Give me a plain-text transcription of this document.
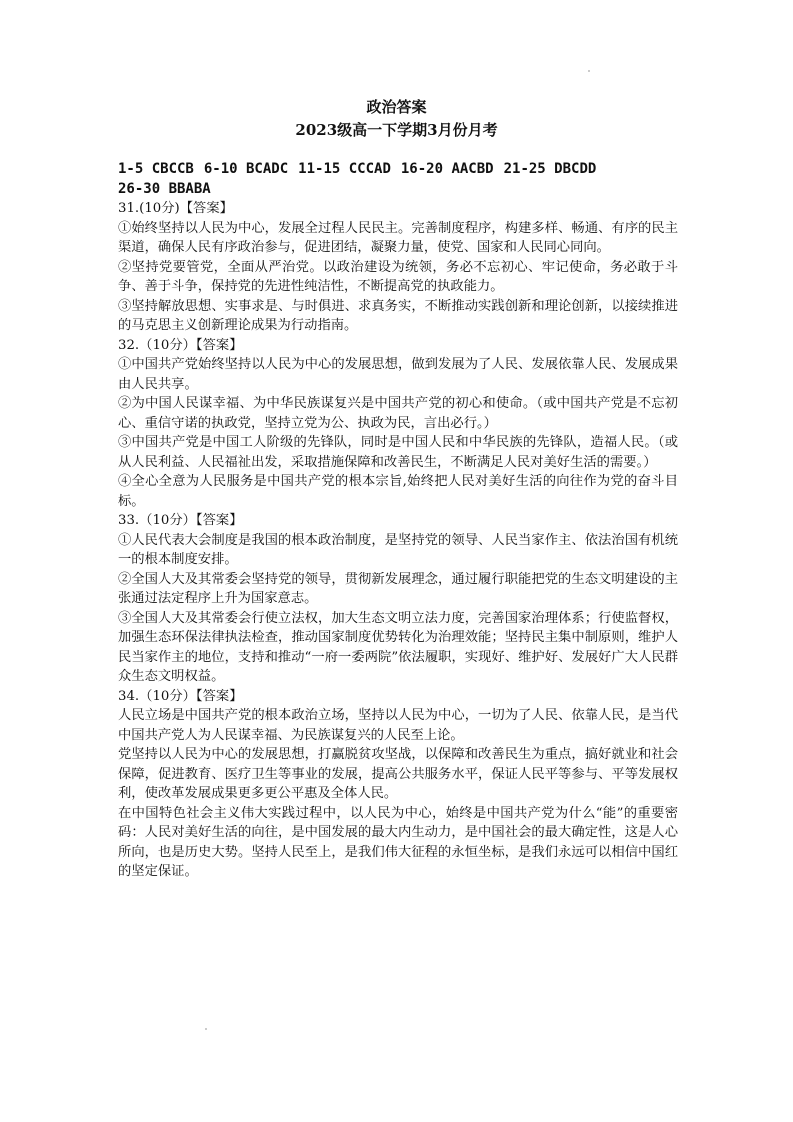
政治答案
2023级高一下学期3月份月考
1-5 CBCCB 6-10 BCADC 11-15 CCCAD 16-20 AACBD 21-25 DBCDD
26-30 BBABA
31.(10分)【答案】

①始终坚持以人民为中心，发展全过程人民民主。完善制度程序，构建多样、畅通、有序的民主渠道，确保人民有序政治参与，促进团结，凝聚力量，使党、国家和人民同心同向。

②坚持党要管党，全面从严治党。以政治建设为统领，务必不忘初心、牢记使命，务必敢于斗争、善于斗争，保持党的先进性纯洁性，不断提高党的执政能力。

③坚持解放思想、实事求是、与时俱进、求真务实，不断推动实践创新和理论创新，以接续推进的马克思主义创新理论成果为行动指南。

32.（10分）【答案】

①中国共产党始终坚持以人民为中心的发展思想，做到发展为了人民、发展依靠人民、发展成果由人民共享。

②为中国人民谋幸福、为中华民族谋复兴是中国共产党的初心和使命。（或中国共产党是不忘初心、重信守诺的执政党，坚持立党为公、执政为民，言出必行。）

③中国共产党是中国工人阶级的先锋队，同时是中国人民和中华民族的先锋队，造福人民。（或从人民利益、人民福祉出发，采取措施保障和改善民生，不断满足人民对美好生活的需要。）

④全心全意为人民服务是中国共产党的根本宗旨,始终把人民对美好生活的向往作为党的奋斗目标。

33.（10分）【答案】

①人民代表大会制度是我国的根本政治制度，是坚持党的领导、人民当家作主、依法治国有机统一的根本制度安排。

②全国人大及其常委会坚持党的领导，贯彻新发展理念，通过履行职能把党的生态文明建设的主张通过法定程序上升为国家意志。

③全国人大及其常委会行使立法权，加大生态文明立法力度，完善国家治理体系；行使监督权，加强生态环保法律执法检查，推动国家制度优势转化为治理效能；坚持民主集中制原则，维护人民当家作主的地位，支持和推动“一府一委两院”依法履职，实现好、维护好、发展好广大人民群众生态文明权益。

34.（10分）【答案】

人民立场是中国共产党的根本政治立场，坚持以人民为中心，一切为了人民、依靠人民，是当代中国共产党人为人民谋幸福、为民族谋复兴的人民至上论。

党坚持以人民为中心的发展思想，打赢脱贫攻坚战，以保障和改善民生为重点，搞好就业和社会保障，促进教育、医疗卫生等事业的发展，提高公共服务水平，保证人民平等参与、平等发展权利，使改革发展成果更多更公平惠及全体人民。

在中国特色社会主义伟大实践过程中，以人民为中心，始终是中国共产党为什么“能”的重要密码：人民对美好生活的向往，是中国发展的最大内生动力，是中国社会的最大确定性，这是人心所向，也是历史大势。坚持人民至上，是我们伟大征程的永恒坐标，是我们永远可以相信中国红的坚定保证。
